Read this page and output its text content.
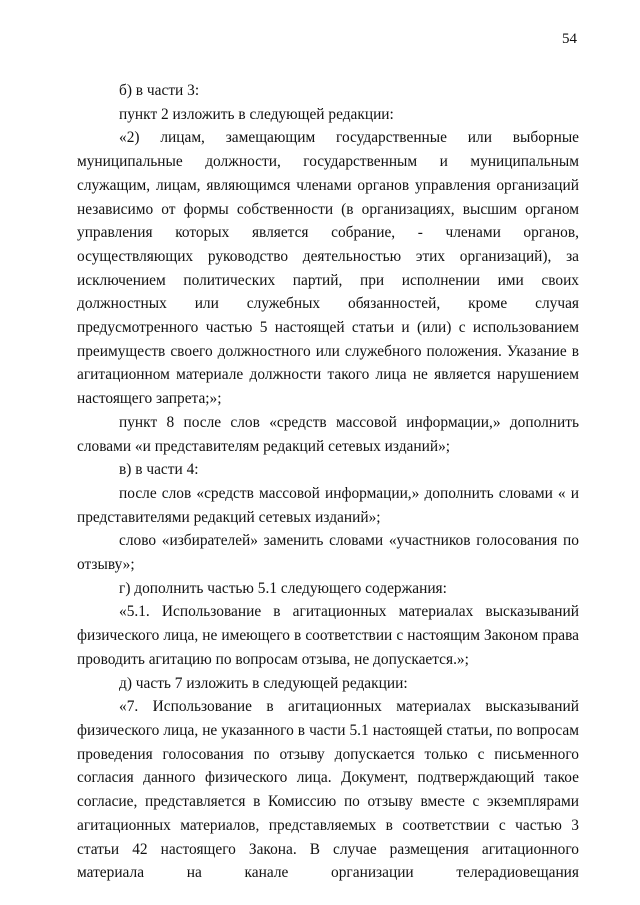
54

б) в части 3:

пункт 2 изложить в следующей редакции:

«2) лицам, замещающим государственные или выборные муниципальные должности, государственным и муниципальным служащим, лицам, являющимся членами органов управления организаций независимо от формы собственности (в организациях, высшим органом управления которых является собрание, - членами органов, осуществляющих руководство деятельностью этих организаций), за исключением политических партий, при исполнении ими своих должностных или служебных обязанностей, кроме случая предусмотренного частью 5 настоящей статьи и (или) с использованием преимуществ своего должностного или служебного положения. Указание в агитационном материале должности такого лица не является нарушением настоящего запрета;»;

пункт 8 после слов «средств массовой информации,» дополнить словами «и представителям редакций сетевых изданий»;

в) в части 4:

после слов «средств массовой информации,» дополнить словами « и представителями редакций сетевых изданий»;

слово «избирателей» заменить словами «участников голосования по отзыву»;

г) дополнить частью 5.1 следующего содержания:

«5.1. Использование в агитационных материалах высказываний физического лица, не имеющего в соответствии с настоящим Законом права проводить агитацию по вопросам отзыва, не допускается.»;

д) часть 7 изложить в следующей редакции:

«7. Использование в агитационных материалах высказываний физического лица, не указанного в части 5.1 настоящей статьи, по вопросам проведения голосования по отзыву допускается только с письменного согласия данного физического лица. Документ, подтверждающий такое согласие, представляется в Комиссию по отзыву вместе с экземплярами агитационных материалов, представляемых в соответствии с частью 3 статьи 42 настоящего Закона. В случае размещения агитационного материала на канале организации телерадиовещания
